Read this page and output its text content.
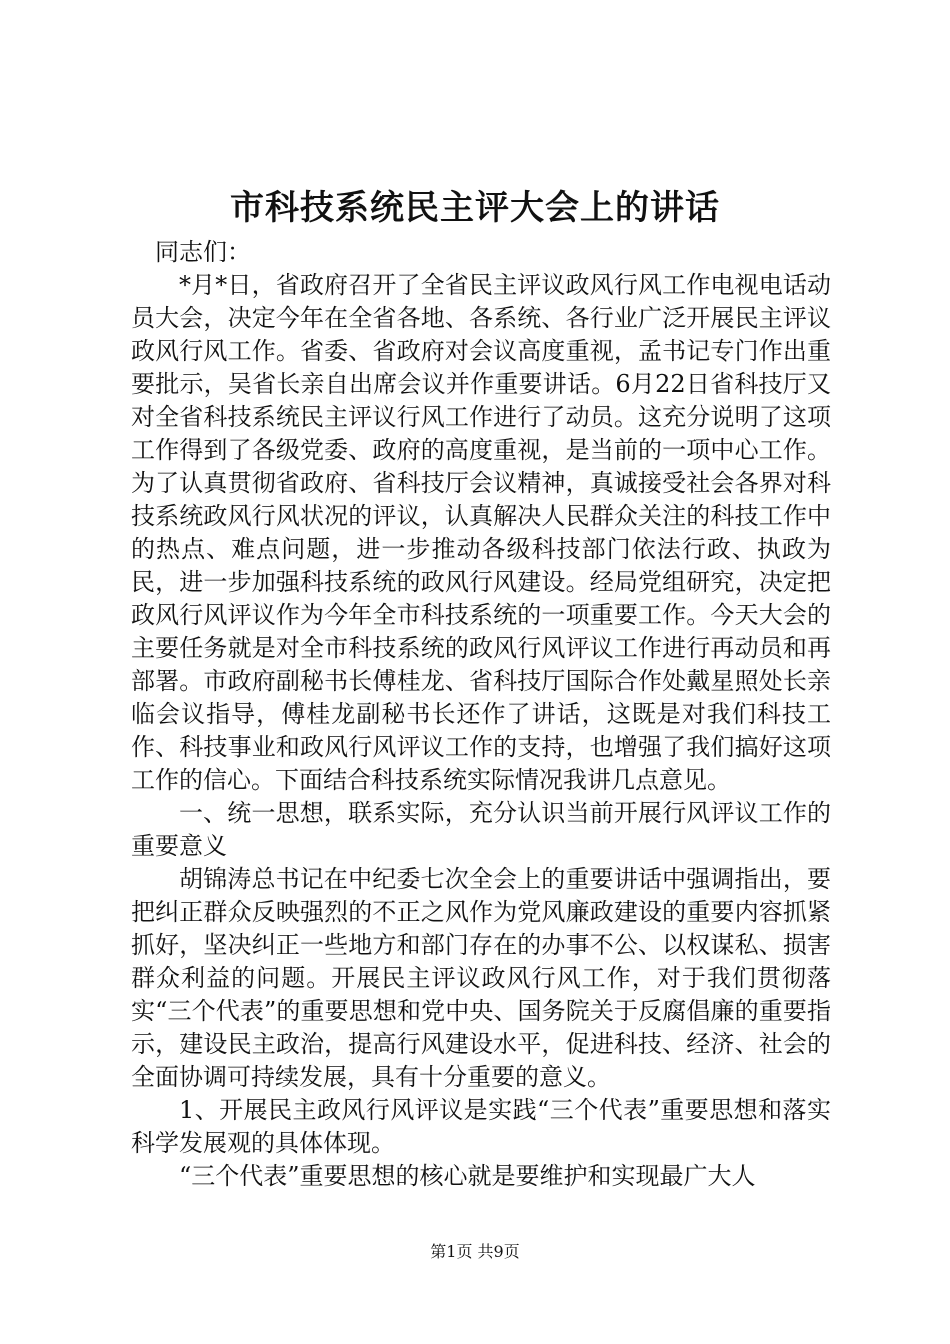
市科技系统民主评大会上的讲话

同志们：

*月*日，省政府召开了全省民主评议政风行风工作电视电话动员大会，决定今年在全省各地、各系统、各行业广泛开展民主评议政风行风工作。省委、省政府对会议高度重视，孟书记专门作出重要批示，吴省长亲自出席会议并作重要讲话。6月22日省科技厅又对全省科技系统民主评议行风工作进行了动员。这充分说明了这项工作得到了各级党委、政府的高度重视，是当前的一项中心工作。为了认真贯彻省政府、省科技厅会议精神，真诚接受社会各界对科技系统政风行风状况的评议，认真解决人民群众关注的科技工作中的热点、难点问题，进一步推动各级科技部门依法行政、执政为民，进一步加强科技系统的政风行风建设。经局党组研究，决定把政风行风评议作为今年全市科技系统的一项重要工作。今天大会的主要任务就是对全市科技系统的政风行风评议工作进行再动员和再部署。市政府副秘书长傅桂龙、省科技厅国际合作处戴星照处长亲临会议指导，傅桂龙副秘书长还作了讲话，这既是对我们科技工作、科技事业和政风行风评议工作的支持，也增强了我们搞好这项工作的信心。下面结合科技系统实际情况我讲几点意见。

一、统一思想，联系实际，充分认识当前开展行风评议工作的重要意义

胡锦涛总书记在中纪委七次全会上的重要讲话中强调指出，要把纠正群众反映强烈的不正之风作为党风廉政建设的重要内容抓紧抓好，坚决纠正一些地方和部门存在的办事不公、以权谋私、损害群众利益的问题。开展民主评议政风行风工作，对于我们贯彻落实“三个代表”的重要思想和党中央、国务院关于反腐倡廉的重要指示，建设民主政治，提高行风建设水平，促进科技、经济、社会的全面协调可持续发展，具有十分重要的意义。

1、开展民主政风行风评议是实践“三个代表”重要思想和落实科学发展观的具体体现。

“三个代表”重要思想的核心就是要维护和实现最广大人

第1页 共9页
